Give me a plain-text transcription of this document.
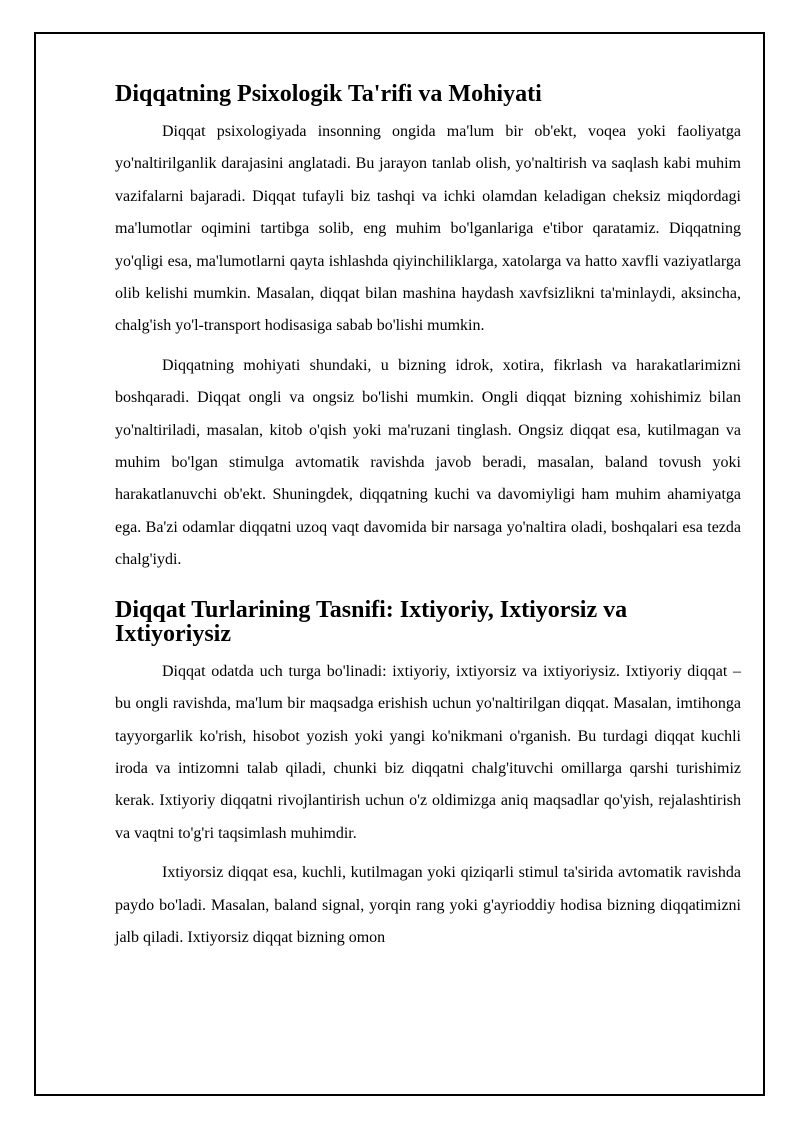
Diqqatning Psixologik Ta'rifi va Mohiyati

Diqqat psixologiyada insonning ongida ma'lum bir ob'ekt, voqea yoki faoliyatga yo'naltirilganlik darajasini anglatadi. Bu jarayon tanlab olish, yo'naltirish va saqlash kabi muhim vazifalarni bajaradi. Diqqat tufayli biz tashqi va ichki olamdan keladigan cheksiz miqdordagi ma'lumotlar oqimini tartibga solib, eng muhim bo'lganlariga e'tibor qaratamiz. Diqqatning yo'qligi esa, ma'lumotlarni qayta ishlashda qiyinchiliklarga, xatolarga va hatto xavfli vaziyatlarga olib kelishi mumkin. Masalan, diqqat bilan mashina haydash xavfsizlikni ta'minlaydi, aksincha, chalg'ish yo'l-transport hodisasiga sabab bo'lishi mumkin.

Diqqatning mohiyati shundaki, u bizning idrok, xotira, fikrlash va harakatlarimizni boshqaradi. Diqqat ongli va ongsiz bo'lishi mumkin. Ongli diqqat bizning xohishimiz bilan yo'naltiriladi, masalan, kitob o'qish yoki ma'ruzani tinglash. Ongsiz diqqat esa, kutilmagan va muhim bo'lgan stimulga avtomatik ravishda javob beradi, masalan, baland tovush yoki harakatlanuvchi ob'ekt. Shuningdek, diqqatning kuchi va davomiyligi ham muhim ahamiyatga ega. Ba'zi odamlar diqqatni uzoq vaqt davomida bir narsaga yo'naltira oladi, boshqalari esa tezda chalg'iydi.

Diqqat Turlarining Tasnifi: Ixtiyoriy, Ixtiyorsiz va Ixtiyoriysiz

Diqqat odatda uch turga bo'linadi: ixtiyoriy, ixtiyorsiz va ixtiyoriysiz. Ixtiyoriy diqqat – bu ongli ravishda, ma'lum bir maqsadga erishish uchun yo'naltirilgan diqqat. Masalan, imtihonga tayyorgarlik ko'rish, hisobot yozish yoki yangi ko'nikmani o'rganish. Bu turdagi diqqat kuchli iroda va intizomni talab qiladi, chunki biz diqqatni chalg'ituvchi omillarga qarshi turishimiz kerak. Ixtiyoriy diqqatni rivojlantirish uchun o'z oldimizga aniq maqsadlar qo'yish, rejalashtirish va vaqtni to'g'ri taqsimlash muhimdir.

Ixtiyorsiz diqqat esa, kuchli, kutilmagan yoki qiziqarli stimul ta'sirida avtomatik ravishda paydo bo'ladi. Masalan, baland signal, yorqin rang yoki g'ayrioddiy hodisa bizning diqqatimizni jalb qiladi. Ixtiyorsiz diqqat bizning omon
